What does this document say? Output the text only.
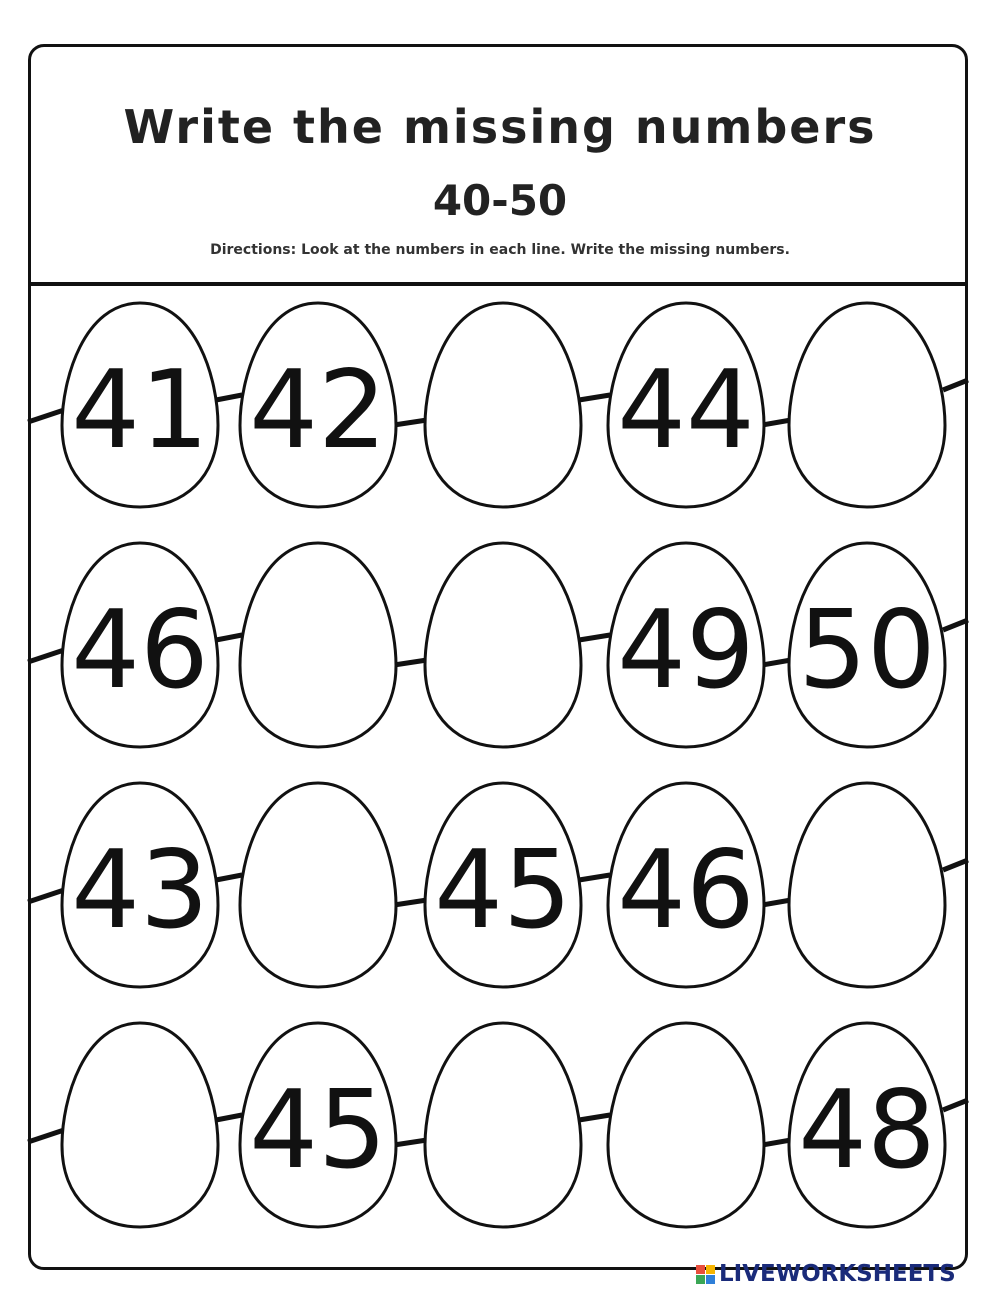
Write the missing numbers
40-50
Directions: Look at the numbers in each line. Write the missing numbers.
41 42 44
46	49 50
43 45 46
45	48
LIVEWORKSHEETS
